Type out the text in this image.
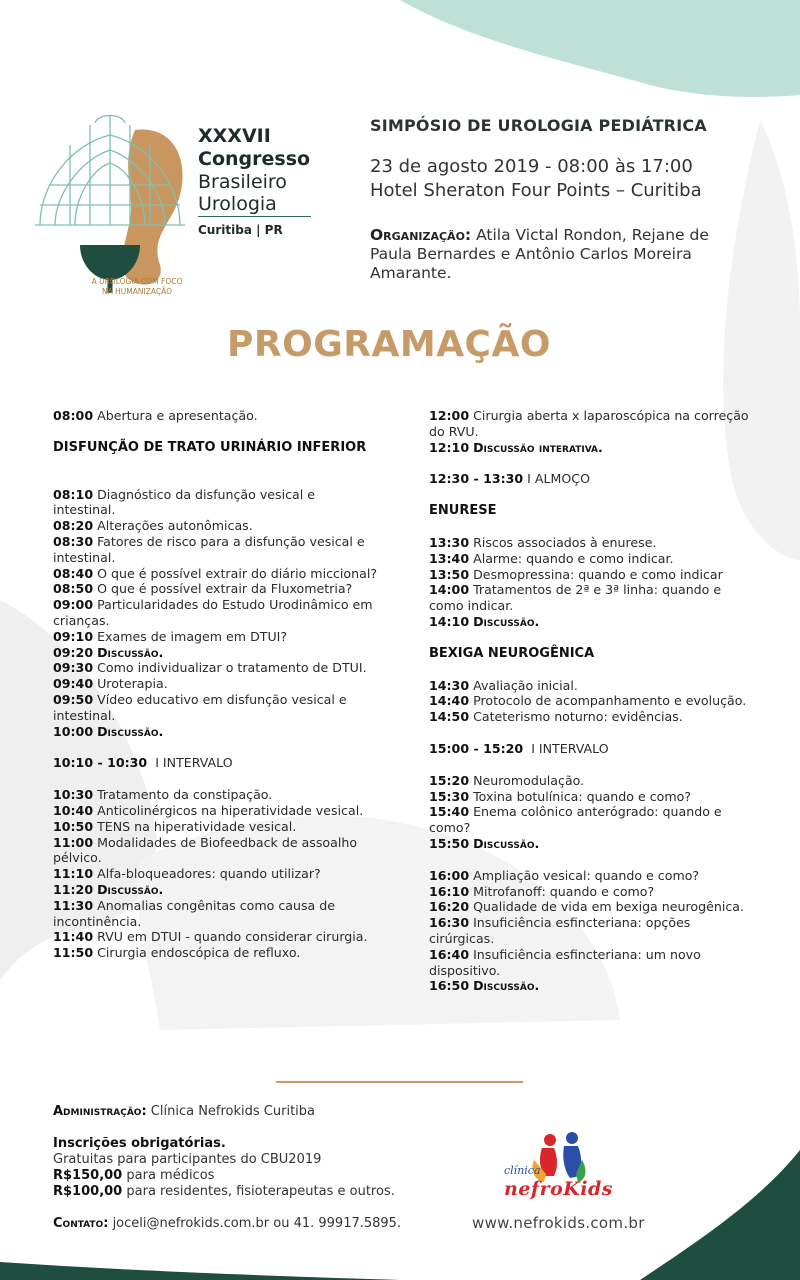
XXXVII
Congresso
Brasileiro
Urologia
Curitiba | PR
A UROLOGIA COM FOCO
NA HUMANIZAÇÃO
SIMPÓSIO DE UROLOGIA PEDIÁTRICA
23 de agosto 2019 - 08:00 às 17:00
Hotel Sheraton Four Points – Curitiba
Organização: Atila Victal Rondon, Rejane de Paula Bernardes e Antônio Carlos Moreira Amarante.
PROGRAMAÇÃO

08:00 Abertura e apresentação.

DISFUNÇÃO DE TRATO URINÁRIO INFERIOR

08:10 Diagnóstico da disfunção vesical e intestinal.

08:20 Alterações autonômicas.

08:30 Fatores de risco para a disfunção vesical e intestinal.

08:40 O que é possível extrair do diário miccional?

08:50 O que é possível extrair da Fluxometria?

09:00 Particularidades do Estudo Urodinâmico em crianças.

09:10 Exames de imagem em DTUI?

09:20 Discussão.

09:30 Como individualizar o tratamento de DTUI.

09:40 Uroterapia.

09:50 Vídeo educativo em disfunção vesical e intestinal.

10:00 Discussão.

10:10 - 10:30 I INTERVALO

10:30 Tratamento da constipação.

10:40 Anticolinérgicos na hiperatividade vesical.

10:50 TENS na hiperatividade vesical.

11:00 Modalidades de Biofeedback de assoalho pélvico.

11:10 Alfa-bloqueadores: quando utilizar?

11:20 Discussão.

11:30 Anomalias congênitas como causa de incontinência.

11:40 RVU em DTUI - quando considerar cirurgia.

11:50 Cirurgia endoscópica de refluxo.

12:00 Cirurgia aberta x laparoscópica na correção do RVU.

12:10 Discussão interativa.

12:30 - 13:30 I ALMOÇO

ENURESE

13:30 Riscos associados à enurese.

13:40 Alarme: quando e como indicar.

13:50 Desmopressina: quando e como indicar

14:00 Tratamentos de 2ª e 3ª linha: quando e como indicar.

14:10 Discussão.

BEXIGA NEUROGÊNICA

14:30 Avaliação inicial.

14:40 Protocolo de acompanhamento e evolução.

14:50 Cateterismo noturno: evidências.

15:00 - 15:20 I INTERVALO

15:20 Neuromodulação.

15:30 Toxina botulínica: quando e como?

15:40 Enema colônico anterógrado: quando e como?

15:50 Discussão.

16:00 Ampliação vesical: quando e como?

16:10 Mitrofanoff: quando e como?

16:20 Qualidade de vida em bexiga neurogênica.

16:30 Insuficiência esfincteriana: opções cirúrgicas.

16:40 Insuficiência esfincteriana: um novo dispositivo.

16:50 Discussão.

Administração: Clínica Nefrokids Curitiba
Inscrições obrigatórias.
Gratuitas para participantes do CBU2019
R$150,00 para médicos
R$100,00 para residentes, fisioterapeutas e outros.
Contato: joceli@nefrokids.com.br ou 41. 99917.5895.
clínica
nefroKids
www.nefrokids.com.br
